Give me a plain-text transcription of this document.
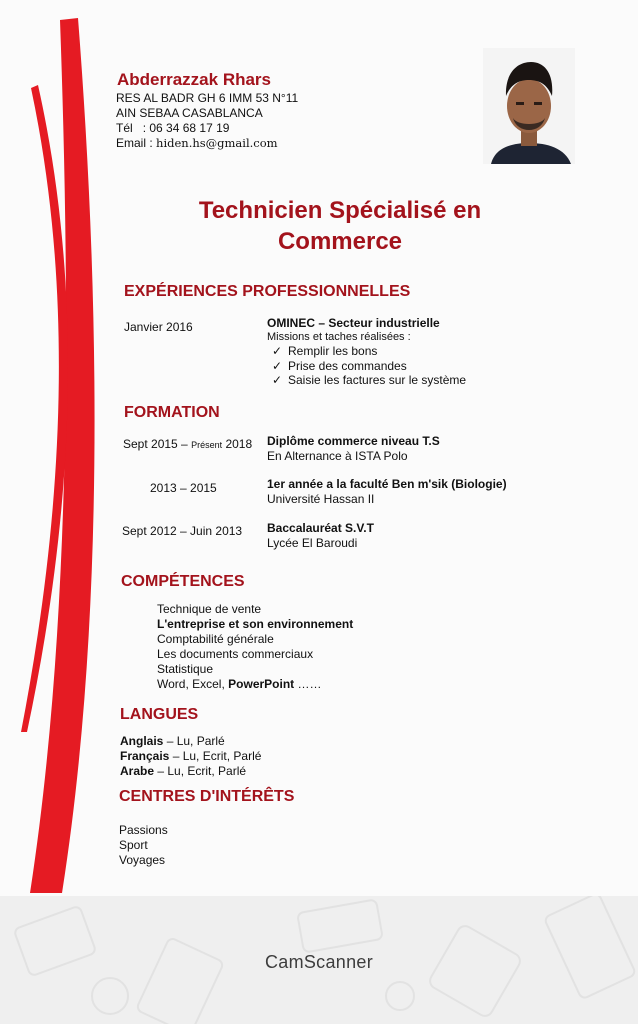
Abderrazzak Rhars
RES AL BADR GH 6 IMM 53 N°11
AIN SEBAA CASABLANCA
Tél : 06 34 68 17 19
Email : hiden.hs@gmail.com
Technicien Spécialisé en
Commerce
EXPÉRIENCES PROFESSIONNELLES
Janvier 2016	OMINEC – Secteur industrielle
Missions et taches réalisées :
✓ Remplir les bons
✓ Prise des commandes
✓ Saisie les factures sur le système
FORMATION
Sept 2015 – Présent 2018 Diplôme commerce niveau T.S
En Alternance à ISTA Polo
2013 – 2015	1er année a la faculté Ben m'sik (Biologie)
Université Hassan II
Sept 2012 – Juin 2013 Baccalauréat S.V.T
Lycée El Baroudi
COMPÉTENCES
Technique de vente
L'entreprise et son environnement
Comptabilité générale
Les documents commerciaux
Statistique
Word, Excel, PowerPoint ……
LANGUES
Anglais – Lu, Parlé
Français – Lu, Ecrit, Parlé
Arabe – Lu, Ecrit, Parlé
CENTRES D'INTÉRÊTS
Passions
Sport
Voyages
CamScanner
